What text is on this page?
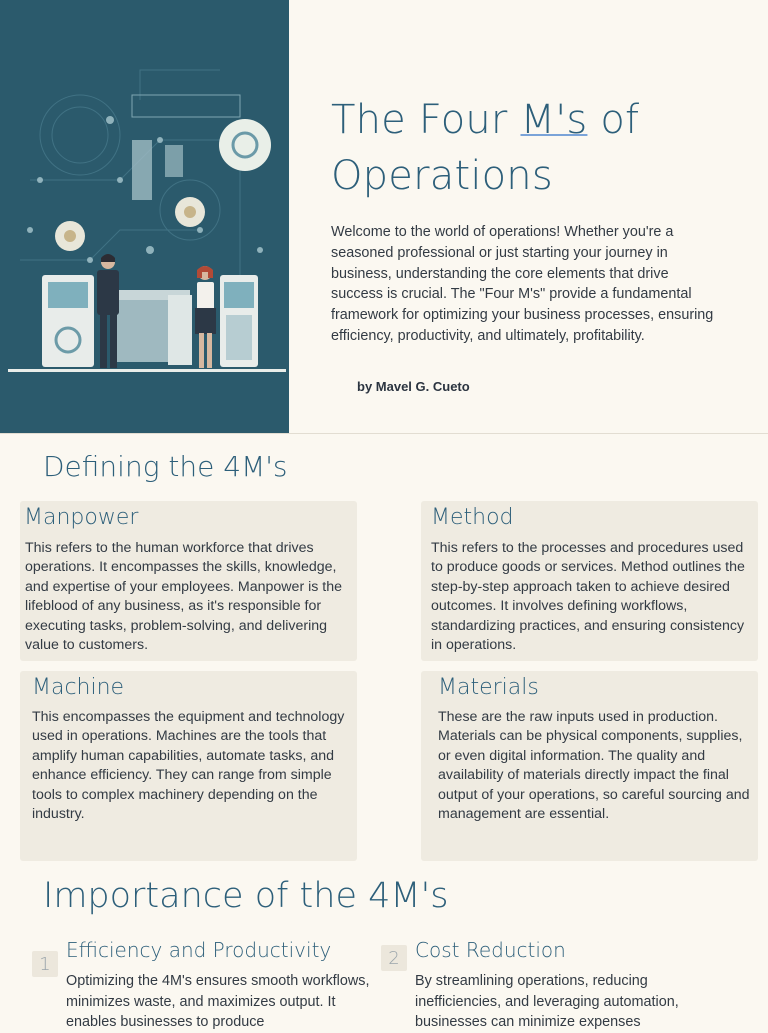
The Four M's of Operations

Welcome to the world of operations! Whether you're a seasoned professional or just starting your journey in business, understanding the core elements that drive success is crucial. The "Four M's" provide a fundamental framework for optimizing your business processes, ensuring efficiency, productivity, and ultimately, profitability.

by Mavel G. Cueto
Defining the 4M's
Manpower

This refers to the human workforce that drives operations. It encompasses the skills, knowledge, and expertise of your employees. Manpower is the lifeblood of any business, as it's responsible for executing tasks, problem-solving, and delivering value to customers.

Method

This refers to the processes and procedures used to produce goods or services. Method outlines the step-by-step approach taken to achieve desired outcomes. It involves defining workflows, standardizing practices, and ensuring consistency in operations.

Machine

This encompasses the equipment and technology used in operations. Machines are the tools that amplify human capabilities, automate tasks, and enhance efficiency. They can range from simple tools to complex machinery depending on the industry.

Materials

These are the raw inputs used in production. Materials can be physical components, supplies, or even digital information. The quality and availability of materials directly impact the final output of your operations, so careful sourcing and management are essential.

Importance of the 4M's
1
Efficiency and Productivity

Optimizing the 4M's ensures smooth workflows, minimizes waste, and maximizes output. It enables businesses to produce

2 Cost Reduction

By streamlining operations, reducing inefficiencies, and leveraging automation, businesses can minimize expenses
